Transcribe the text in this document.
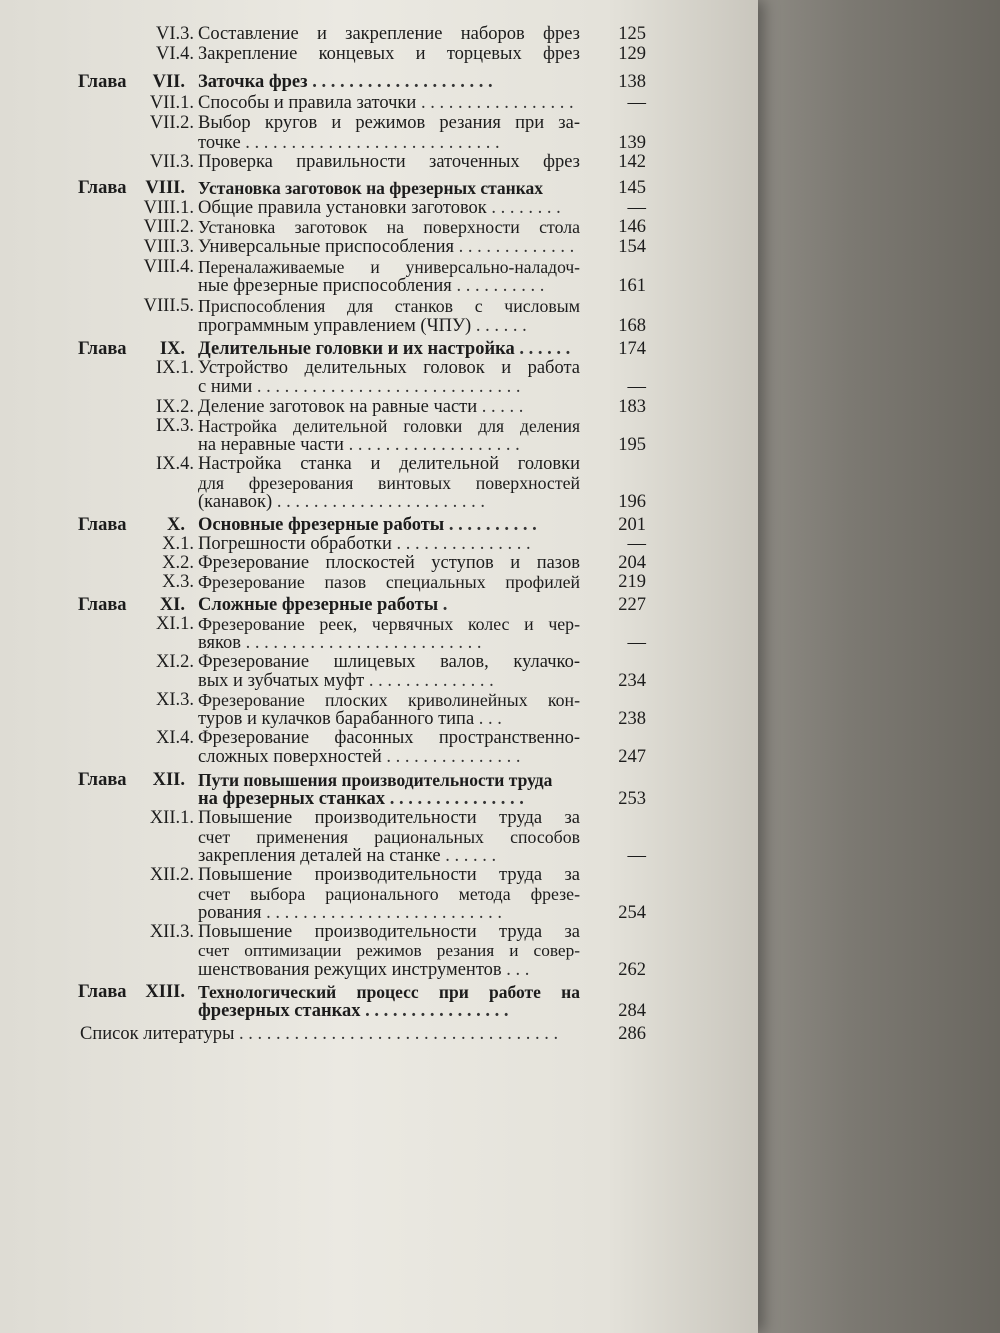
VI.3. Составление и закрепление наборов фрез	125
VI.4. Закрепление концевых и торцевых фрез	129
Глава VII. Заточка фрез . . . . . . . . . . . . . . . . . . . .	138
VII.1. Способы и правила заточки . . . . . . . . . . . . . . . . .	—
VII.2. Выбор кругов и режимов резания при за-
точке . . . . . . . . . . . . . . . . . . . . . . . . . . . .	139
VII.3. Проверка правильности заточенных фрез	142
Глава VIII. Установка заготовок на фрезерных станках	145
VIII.1. Общие правила установки заготовок . . . . . . . .	—
VIII.2. Установка заготовок на поверхности стола	146
VIII.3. Универсальные приспособления . . . . . . . . . . . . .	154
VIII.4. Переналаживаемые и универсально-наладоч-
ные фрезерные приспособления . . . . . . . . . .	161
VIII.5. Приспособления для станков с числовым
программным управлением (ЧПУ) . . . . . .	168
Глава IX. Делительные головки и их настройка . . . . . .	174
IX.1. Устройство делительных головок и работа
с ними . . . . . . . . . . . . . . . . . . . . . . . . . . . . .	—
IX.2. Деление заготовок на равные части . . . . .	183
IX.3. Настройка делительной головки для деления
на неравные части . . . . . . . . . . . . . . . . . . .	195
IX.4. Настройка станка и делительной головки
для фрезерования винтовых поверхностей
(канавок) . . . . . . . . . . . . . . . . . . . . . . .	196
Глава X. Основные фрезерные работы . . . . . . . . . .	201
X.1. Погрешности обработки . . . . . . . . . . . . . . .	—
X.2. Фрезерование плоскостей уступов и пазов	204
X.3. Фрезерование пазов специальных профилей	219
Глава XI. Сложные фрезерные работы .	227
XI.1. Фрезерование реек, червячных колес и чер-
вяков . . . . . . . . . . . . . . . . . . . . . . . . . .	—
XI.2. Фрезерование шлицевых валов, кулачко-
вых и зубчатых муфт . . . . . . . . . . . . . .	234
XI.3. Фрезерование плоских криволинейных кон-
туров и кулачков барабанного типа . . .	238
XI.4. Фрезерование фасонных пространственно-
сложных поверхностей . . . . . . . . . . . . . . .	247
Глава XII. Пути повышения производительности труда
на фрезерных станках . . . . . . . . . . . . . . .	253
XII.1. Повышение производительности труда за
счет применения рациональных способов
закрепления деталей на станке . . . . . .	—
XII.2. Повышение производительности труда за
счет выбора рационального метода фрезе-
рования . . . . . . . . . . . . . . . . . . . . . . . . . .	254
XII.3. Повышение производительности труда за
счет оптимизации режимов резания и совер-
шенствования режущих инструментов . . .	262
Глава XIII. Технологический процесс при работе на
фрезерных станках . . . . . . . . . . . . . . . .	284
Список литературы . . . . . . . . . . . . . . . . . . . . . . . . . . . . . . . . . . .	286
